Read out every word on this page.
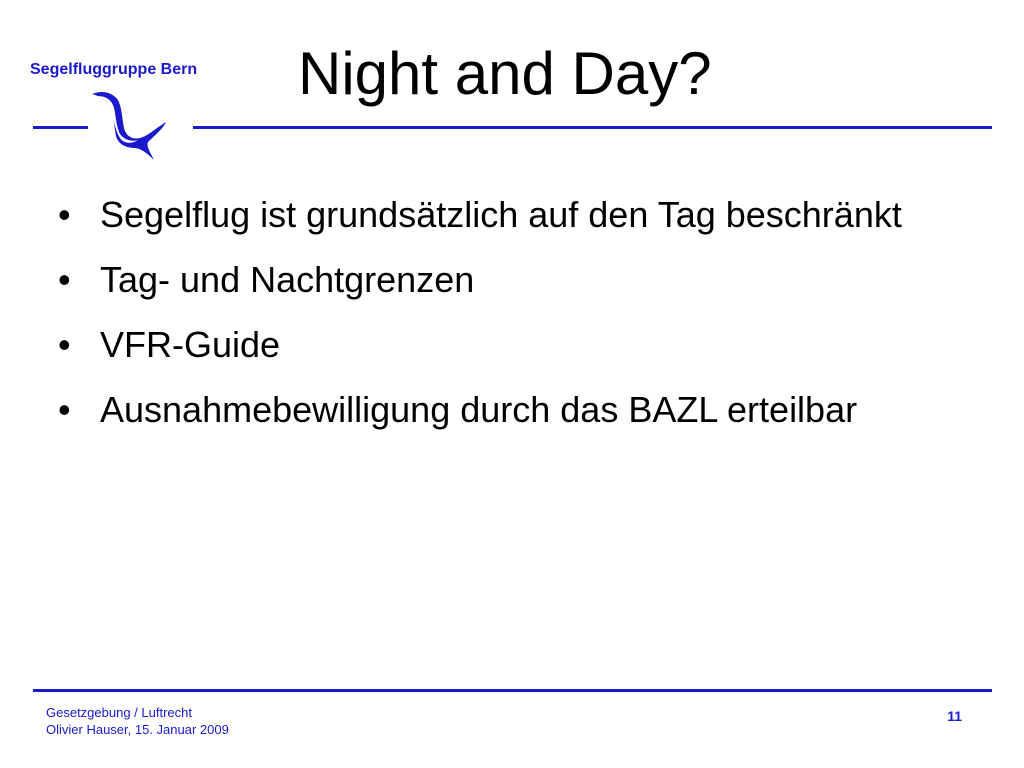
Segelfluggruppe Bern Night and Day?
• Segelflug ist grundsätzlich auf den Tag beschränkt
• Tag- und Nachtgrenzen
• VFR-Guide
• Ausnahmebewilligung durch das BAZL erteilbar
Gesetzgebung / Luftrecht
Olivier Hauser, 15. Januar 2009
11
